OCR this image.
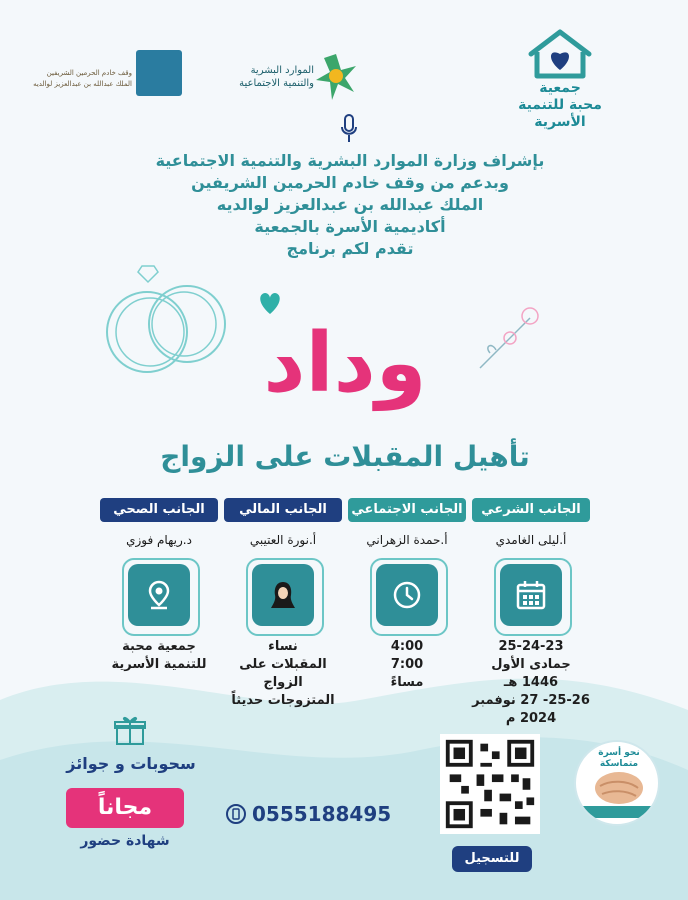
جمعية
محبة للتنمية الأسرية
الموارد البشرية
والتنمية الاجتماعية
وقف خادم الحرمين الشريفين
الملك عبدالله بن عبدالعزيز لوالديه
بإشراف وزارة الموارد البشرية والتنمية الاجتماعية
وبدعم من وقف خادم الحرمين الشريفين
الملك عبدالله بن عبدالعزيز لوالديه
أكاديمية الأسرة بالجمعية
تقدم لكم برنامج
وداد
تأهيل المقبلات على الزواج
الجانب الشرعي
أ.ليلى الغامدي
25-24-23
جمادى الأول 1446 هـ
25-26- 27 نوفمبر 2024 م
الجانب الاجتماعي
أ.حمدة الزهراني
4:00
7:00
مساءً
الجانب المالي
أ.نورة العتيبي
نساء
المقبلات على الزواج
المتزوجات حديثاً
الجانب الصحي
د.ريهام فوزي
جمعية محبة
للتنمية الأسرية
سحوبات و جوائز
مجاناً
شهادة حضور
0555188495
للتسجيل
نحو أسرة متماسكة
